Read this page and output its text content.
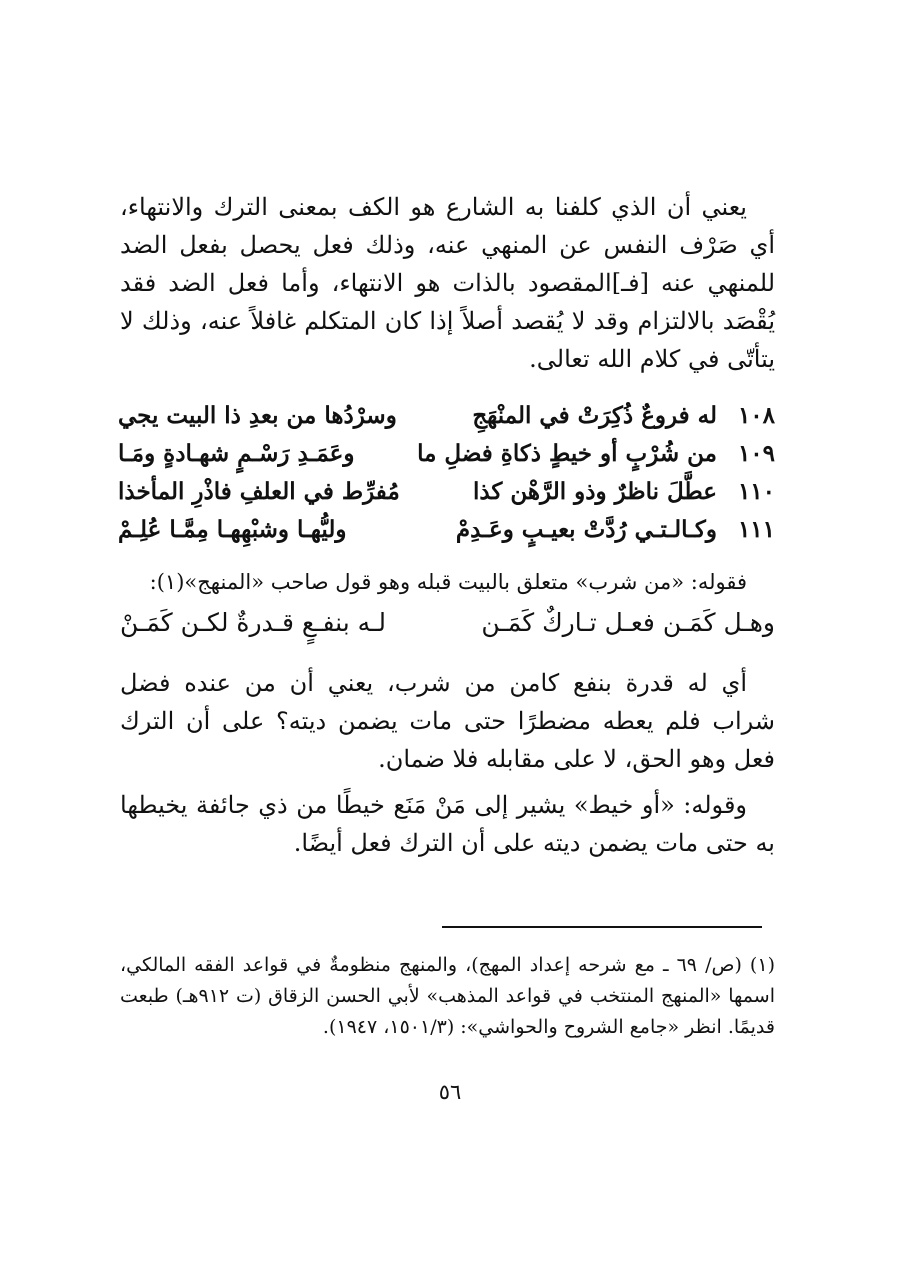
يعني أن الذي كلفنا به الشارع هو الكف بمعنى الترك والانتهاء، أي صَرْف النفس عن المنهي عنه، وذلك فعل يحصل بفعل الضد للمنهي عنه [فـ]المقصود بالذات هو الانتهاء، وأما فعل الضد فقد يُقْصَد بالالتزام وقد لا يُقصد أصلاً إذا كان المتكلم غافلاً عنه، وذلك لا يتأتّى في كلام الله تعالى.

١٠٨
له فروعٌ ذُكِرَتْ في المنْهَجِ
وسرْدُها من بعدِ ذا البيت يجي
١٠٩
من شُرْبٍ أو خيطٍ ذكاةِ فضلِ ما
وعَمَـدِ رَسْـمٍ شهـادةٍ ومَـا
١١٠
عطَّلَ ناظرٌ وذو الرَّهْن كذا
مُفرِّط في العلفِ فاذْرِ المأخذا
١١١
وكـالـتـي رُدَّتْ بعيـبٍ وعَـدِمْ
وليُّهـا وشبْهِهـا مِمَّـا عُلِـمْ
فقوله: «من شرب» متعلق بالبيت قبله وهو قول صاحب «المنهج»(١):
وهـل كَمَـن فعـل تـاركٌ كَمَـن
لـه بنفـعٍ قـدرةٌ لكـن كَمَـنْ

أي له قدرة بنفع كامن من شرب، يعني أن من عنده فضل شراب فلم يعطه مضطرًا حتى مات يضمن ديته؟ على أن الترك فعل وهو الحق، لا على مقابله فلا ضمان.

وقوله: «أو خيط» يشير إلى مَنْ مَنَع خيطًا من ذي جائفة يخيطها به حتى مات يضمن ديته على أن الترك فعل أيضًا.

(١) (ص/ ٦٩ ـ مع شرحه إعداد المهج)، والمنهج منظومةٌ في قواعد الفقه المالكي، اسمها «المنهج المنتخب في قواعد المذهب» لأبي الحسن الزقاق (ت ٩١٢هـ) طبعت قديمًا. انظر «جامع الشروح والحواشي»: (١٥٠١/٣، ١٩٤٧).

٥٦
